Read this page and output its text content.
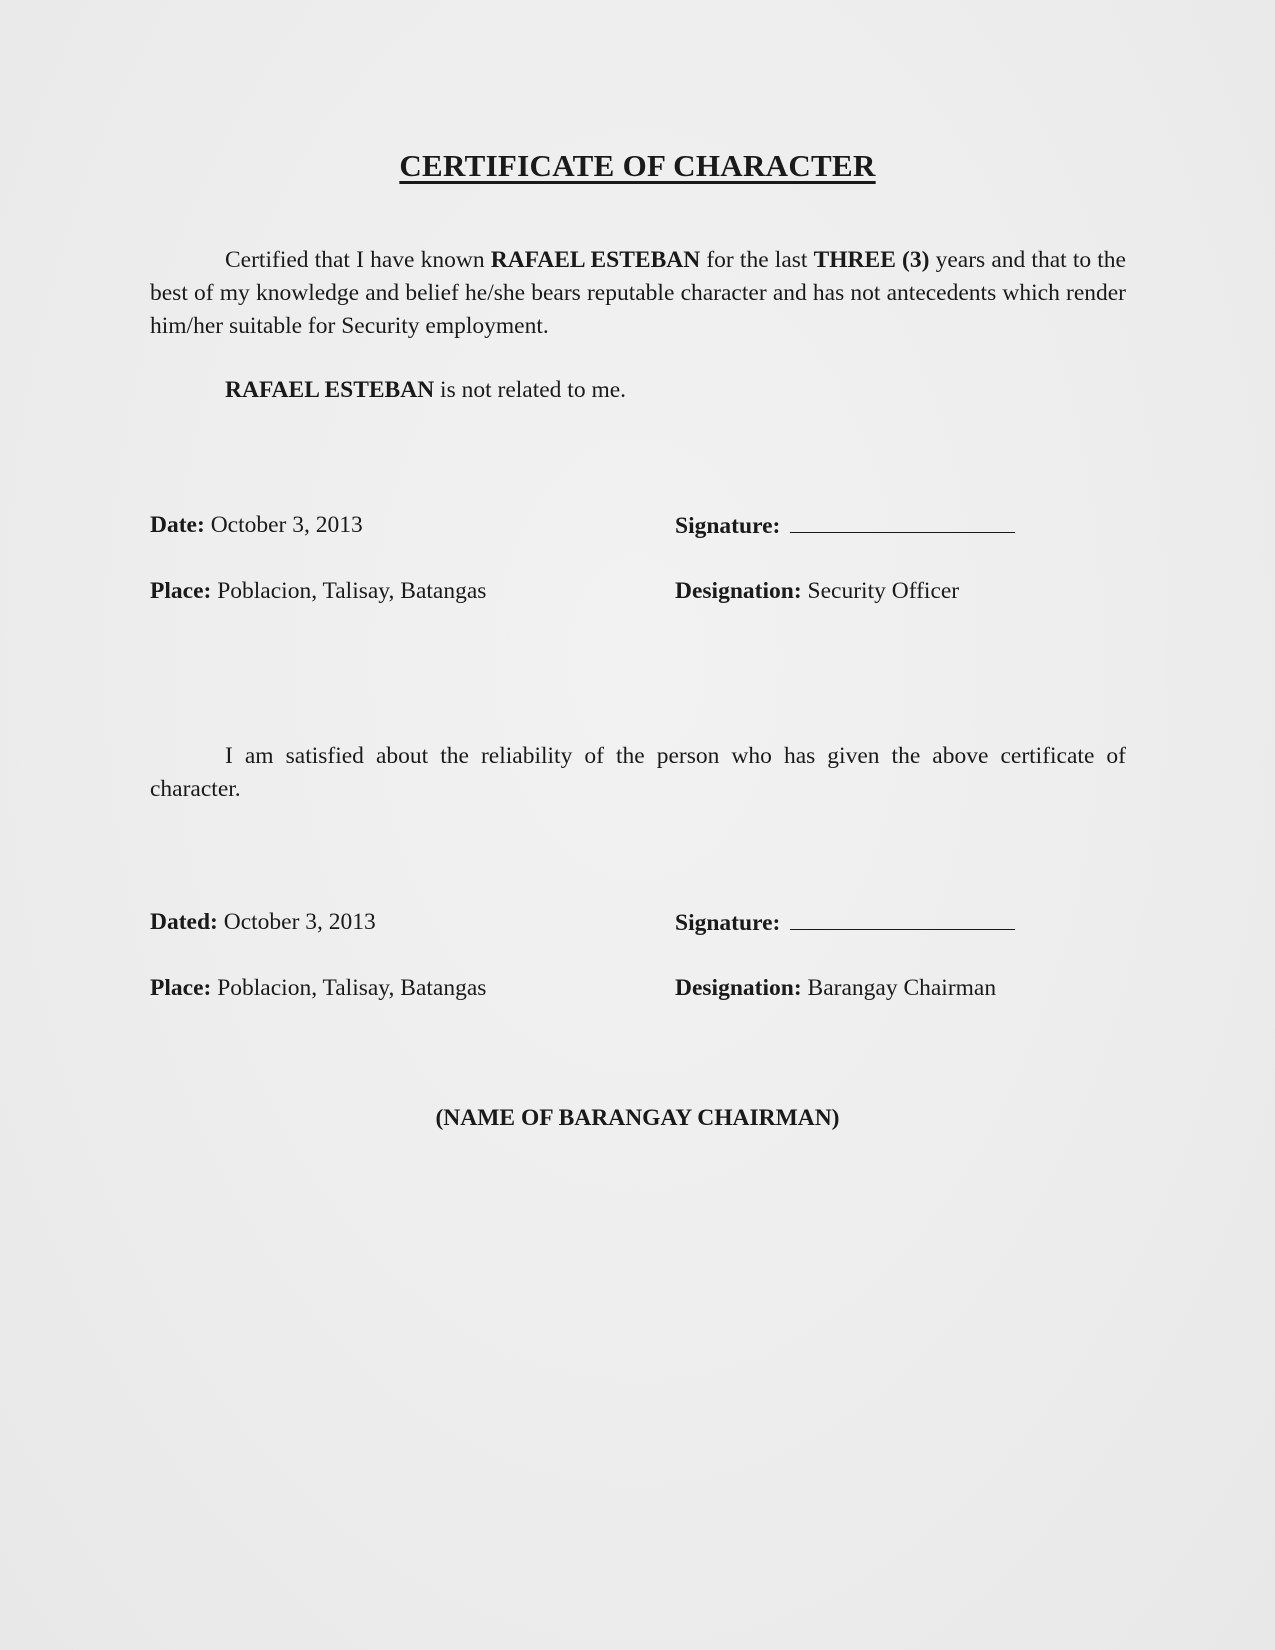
CERTIFICATE OF CHARACTER
Certified that I have known RAFAEL ESTEBAN for the last THREE (3) years and that to the best of my knowledge and belief he/she bears reputable character and has not antecedents which render him/her suitable for Security employment.
RAFAEL ESTEBAN is not related to me.
Date: October 3, 2013	Signature:
Place: Poblacion, Talisay, Batangas	Designation: Security Officer
I am satisfied about the reliability of the person who has given the above certificate of character.
Dated: October 3, 2013	Signature:
Place: Poblacion, Talisay, Batangas	Designation: Barangay Chairman
(NAME OF BARANGAY CHAIRMAN)
